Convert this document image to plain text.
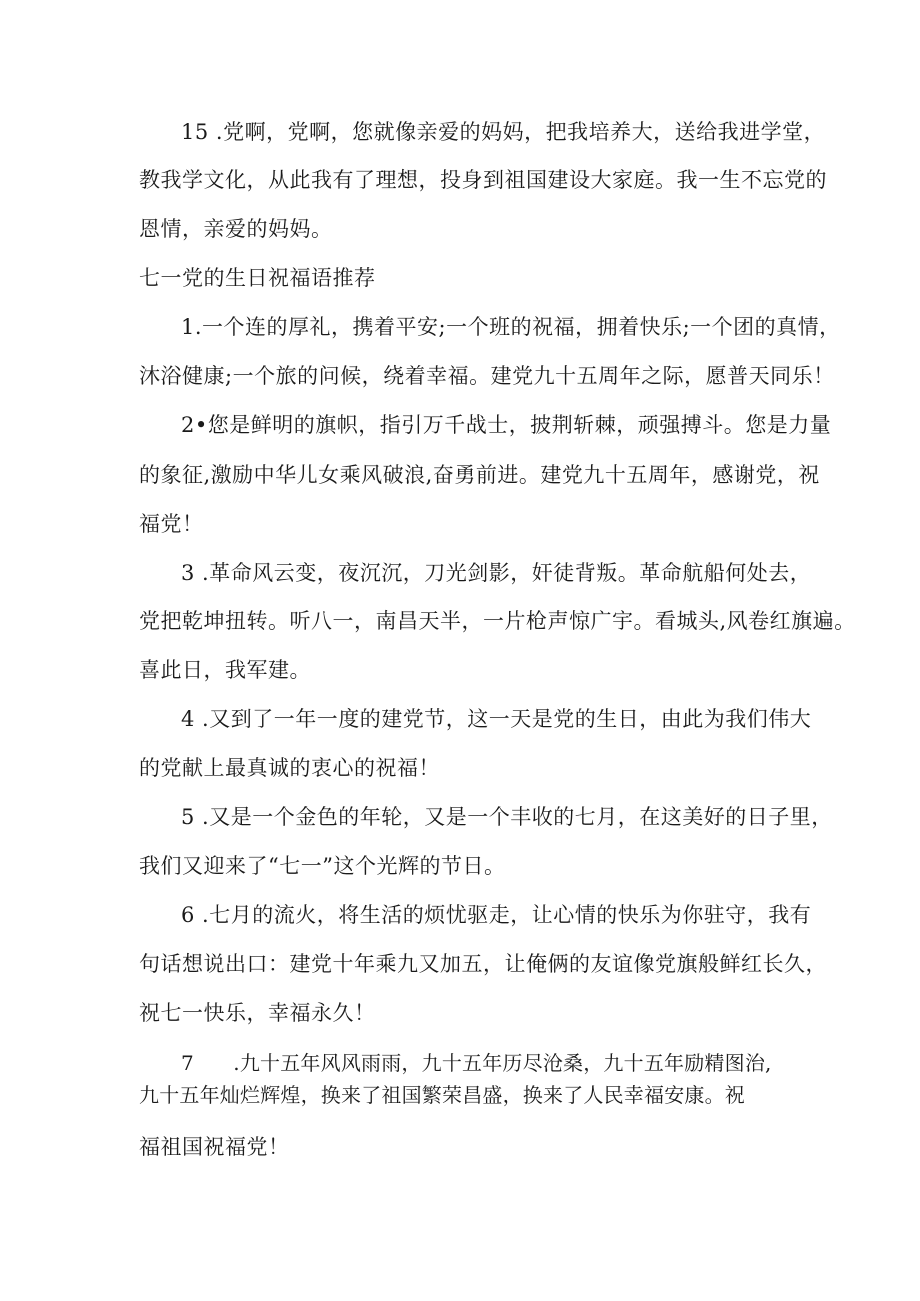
15 .党啊，党啊，您就像亲爱的妈妈，把我培养大，送给我进学堂，
教我学文化，从此我有了理想，投身到祖国建设大家庭。我一生不忘党的
恩情，亲爱的妈妈。
七一党的生日祝福语推荐
1.一个连的厚礼，携着平安;一个班的祝福，拥着快乐;一个团的真情，
沐浴健康;一个旅的问候，绕着幸福。建党九十五周年之际，愿普天同乐！
2•您是鲜明的旗帜，指引万千战士，披荆斩棘，顽强搏斗。您是力量
的象征,激励中华儿女乘风破浪,奋勇前进。建党九十五周年，感谢党，祝
福党！
3 .革命风云变，夜沉沉，刀光剑影，奸徒背叛。革命航船何处去，
党把乾坤扭转。听八一，南昌天半，一片枪声惊广宇。看城头,风卷红旗遍。
喜此日，我军建。
4 .又到了一年一度的建党节，这一天是党的生日，由此为我们伟大
的党献上最真诚的衷心的祝福！
5 .又是一个金色的年轮，又是一个丰收的七月，在这美好的日子里，
我们又迎来了“七一”这个光辉的节日。
6 .七月的流火，将生活的烦忧驱走，让心情的快乐为你驻守，我有
句话想说出口：建党十年乘九又加五，让俺俩的友谊像党旗般鲜红长久，
祝七一快乐，幸福永久！
7      .九十五年风风雨雨，九十五年历尽沧桑，九十五年励精图治,
九十五年灿烂辉煌，换来了祖国繁荣昌盛，换来了人民幸福安康。祝
福祖国祝福党！
